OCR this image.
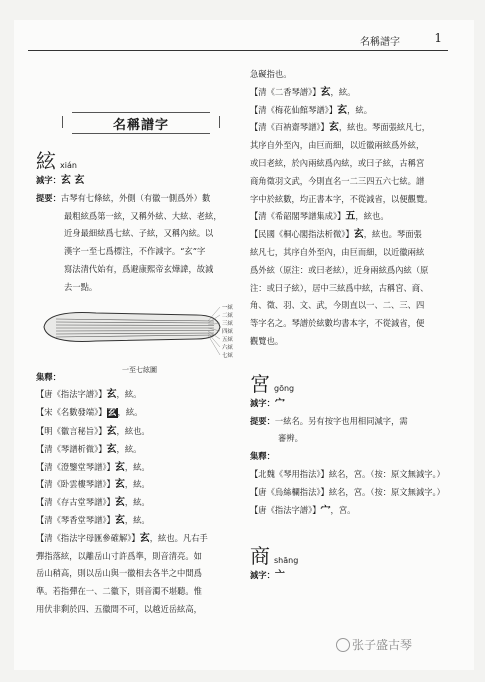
名稱譜字	1
名稱譜字
絃 xián
減字：玄 玄
提要：古琴有七條絃，外側（有徽一側爲外）數
最粗絃爲第一絃，又稱外絃、大絃、老絃，
近身最細絃爲七絃、子絃，又稱內絃。以
漢字一至七爲標注，不作減字。“玄”字
寫法清代始有，爲避康熙帝玄燁諱，故減
去一點。
一絃
二絃
三絃
四絃
五絃
六絃
七絃
一至七絃圖
集釋：
【唐《指法字譜》】玄，絃。
【宋《名數發端》】玄，絃。
【明《徽言秘旨》】玄，絃也。
【清《琴譜析微》】玄，絃。
【清《澄鑒堂琴譜》】玄，絃。
【清《卧雲樓琴譜》】玄，絃。
【清《存古堂琴譜》】玄，絃。
【清《琴香堂琴譜》】玄，絃。
【清《指法字母匯參確解》】玄，絃也。凡右手
彈指落絃，以離岳山寸許爲準，則音清亮。如
岳山稍高，則以岳山與一徽相去各半之中間爲
準。若指彈在一、二徽下，則音濁不堪聽。惟
用伏非剩於四、五徽間不可，以越近岳絃高，
急礙指也。
【清《二香琴譜》】玄，絃。
【清《梅花仙館琴譜》】玄，絃。
【清《百衲齋琴譜》】玄，絃也。琴面張絃凡七，
其序自外至內，由巨而細，以近徽兩絃爲外絃，
或曰老絃，於內兩絃爲內絃，或曰子絃，古稱宮
商角徵羽文武，今則直名一二三四五六七絃。譜
字中於絃數，均正書本字，不從減省，以便觀覽。
【清《希韶閣琴譜集成》】五，絃也。
【民國《桐心閣指法析微》】玄，絃也。琴面張
絃凡七，其序自外至內，由巨而細，以近徽兩絃
爲外絃（原注：或曰老絃），近身兩絃爲內絃（原
注：或曰子絃），居中三絃爲中絃，古稱宮、商、
角、徵、羽、文、武，今則直以一、二、三、四
等字名之。琴譜於絃數均書本字，不從減省，便
觀覽也。
宮 gōng
減字：宀
提要：一絃名。另有按字也用相同減字，需
審辨。
集釋：
【北魏《琴用指法》】絃名，宮。（按：原文無減字。）
【唐《烏絲欄指法》】絃名，宮。（按：原文無減字。）
【唐《指法字譜》】宀，宮。
商 shāng
減字：亠
张子盛古琴
